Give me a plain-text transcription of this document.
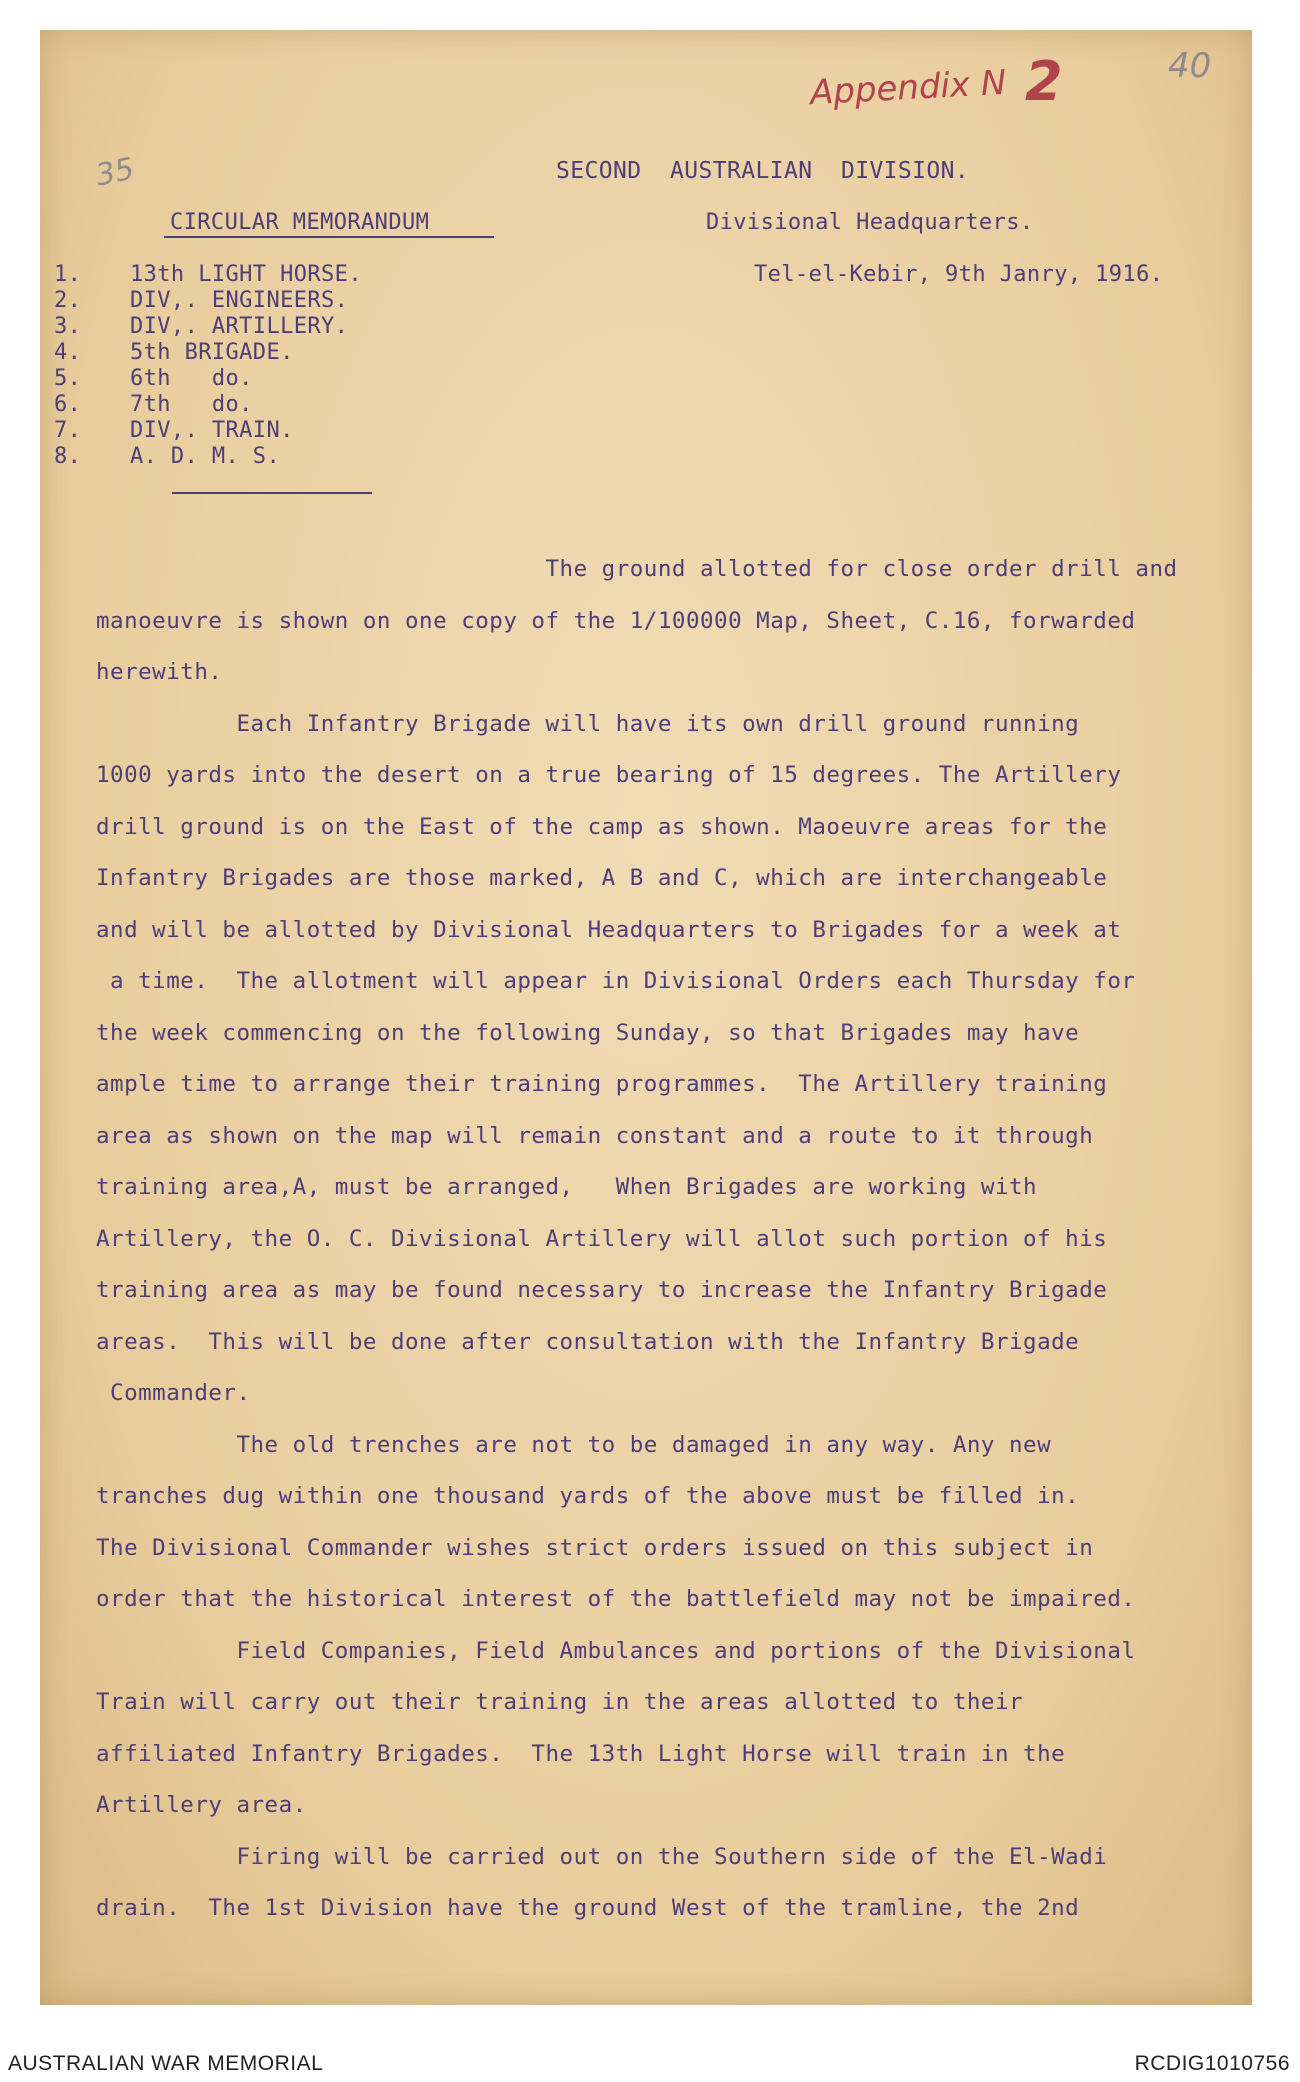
Appendix N 2	40
35	SECOND  AUSTRALIAN  DIVISION.
CIRCULAR MEMORANDUM	Divisional Headquarters.
Tel-el-Kebir, 9th Janry, 1916.
1. 13th LIGHT HORSE.
2. DIV,. ENGINEERS.
3. DIV,. ARTILLERY.
4. 5th BRIGADE.
5. 6th   do.
6. 7th   do.
7. DIV,. TRAIN.
8. A. D. M. S.
The ground allotted for close order drill and
manoeuvre is shown on one copy of the 1/100000 Map, Sheet, C.16, forwarded
herewith.
Each Infantry Brigade will have its own drill ground running
1000 yards into the desert on a true bearing of 15 degrees. The Artillery
drill ground is on the East of the camp as shown. Maoeuvre areas for the
Infantry Brigades are those marked, A B and C, which are interchangeable
and will be allotted by Divisional Headquarters to Brigades for a week at
a time.  The allotment will appear in Divisional Orders each Thursday for
the week commencing on the following Sunday, so that Brigades may have
ample time to arrange their training programmes.  The Artillery training
area as shown on the map will remain constant and a route to it through
training area,A, must be arranged,   When Brigades are working with
Artillery, the O. C. Divisional Artillery will allot such portion of his
training area as may be found necessary to increase the Infantry Brigade
areas.  This will be done after consultation with the Infantry Brigade
Commander.
The old trenches are not to be damaged in any way. Any new
tranches dug within one thousand yards of the above must be filled in.
The Divisional Commander wishes strict orders issued on this subject in
order that the historical interest of the battlefield may not be impaired.
Field Companies, Field Ambulances and portions of the Divisional
Train will carry out their training in the areas allotted to their
affiliated Infantry Brigades.  The 13th Light Horse will train in the
Artillery area.
Firing will be carried out on the Southern side of the El-Wadi
drain.  The 1st Division have the ground West of the tramline, the 2nd
AUSTRALIAN WAR MEMORIAL	RCDIG1010756
